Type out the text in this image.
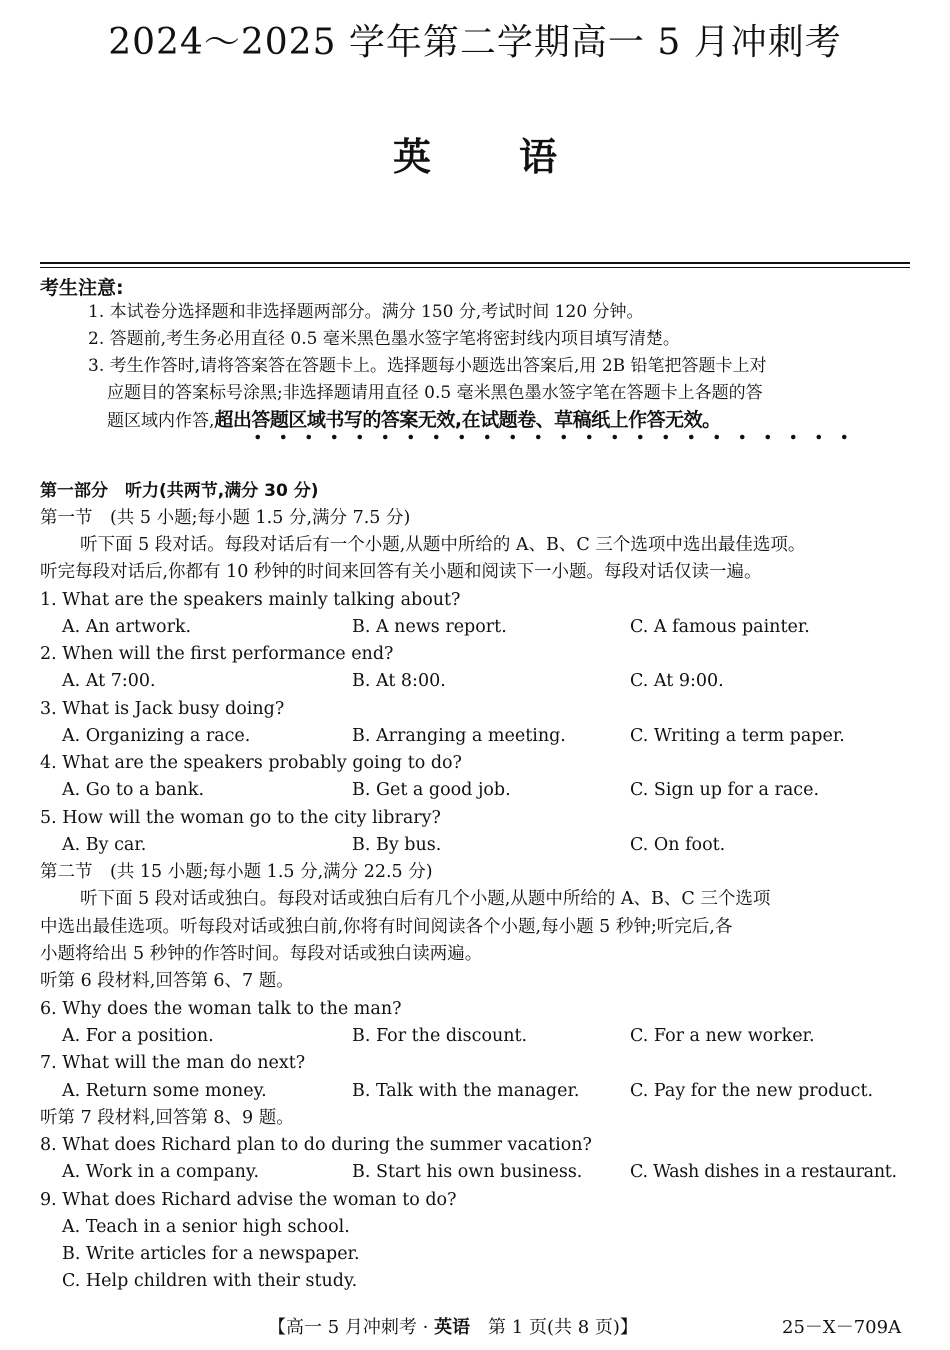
2024～2025 学年第二学期高一 5 月冲刺考
英 语
考生注意:
1. 本试卷分选择题和非选择题两部分。满分 150 分,考试时间 120 分钟。
2. 答题前,考生务必用直径 0.5 毫米黑色墨水签字笔将密封线内项目填写清楚。
3. 考生作答时,请将答案答在答题卡上。选择题每小题选出答案后,用 2B 铅笔把答题卡上对
应题目的答案标号涂黑;非选择题请用直径 0.5 毫米黑色墨水签字笔在答题卡上各题的答
题区域内作答,超出答题区域书写的答案无效,在试题卷、草稿纸上作答无效。
第一部分　听力(共两节,满分 30 分)
第一节　(共 5 小题;每小题 1.5 分,满分 7.5 分)
听下面 5 段对话。每段对话后有一个小题,从题中所给的 A、B、C 三个选项中选出最佳选项。
听完每段对话后,你都有 10 秒钟的时间来回答有关小题和阅读下一小题。每段对话仅读一遍。
1. What are the speakers mainly talking about?
A. An artwork.	B. A news report.	C. A famous painter.
2. When will the first performance end?
A. At 7:00.	B. At 8:00.	C. At 9:00.
3. What is Jack busy doing?
A. Organizing a race.	B. Arranging a meeting.	C. Writing a term paper.
4. What are the speakers probably going to do?
A. Go to a bank.	B. Get a good job.	C. Sign up for a race.
5. How will the woman go to the city library?
A. By car.	B. By bus.	C. On foot.
第二节　(共 15 小题;每小题 1.5 分,满分 22.5 分)
听下面 5 段对话或独白。每段对话或独白后有几个小题,从题中所给的 A、B、C 三个选项
中选出最佳选项。听每段对话或独白前,你将有时间阅读各个小题,每小题 5 秒钟;听完后,各
小题将给出 5 秒钟的作答时间。每段对话或独白读两遍。
听第 6 段材料,回答第 6、7 题。
6. Why does the woman talk to the man?
A. For a position.	B. For the discount.	C. For a new worker.
7. What will the man do next?
A. Return some money.	B. Talk with the manager.	C. Pay for the new product.
听第 7 段材料,回答第 8、9 题。
8. What does Richard plan to do during the summer vacation?
A. Work in a company.	B. Start his own business.	C. Wash dishes in a restaurant.
9. What does Richard advise the woman to do?
A. Teach in a senior high school.
B. Write articles for a newspaper.
C. Help children with their study.
【高一 5 月冲刺考 · 英语　第 1 页(共 8 页)】	25－X－709A
